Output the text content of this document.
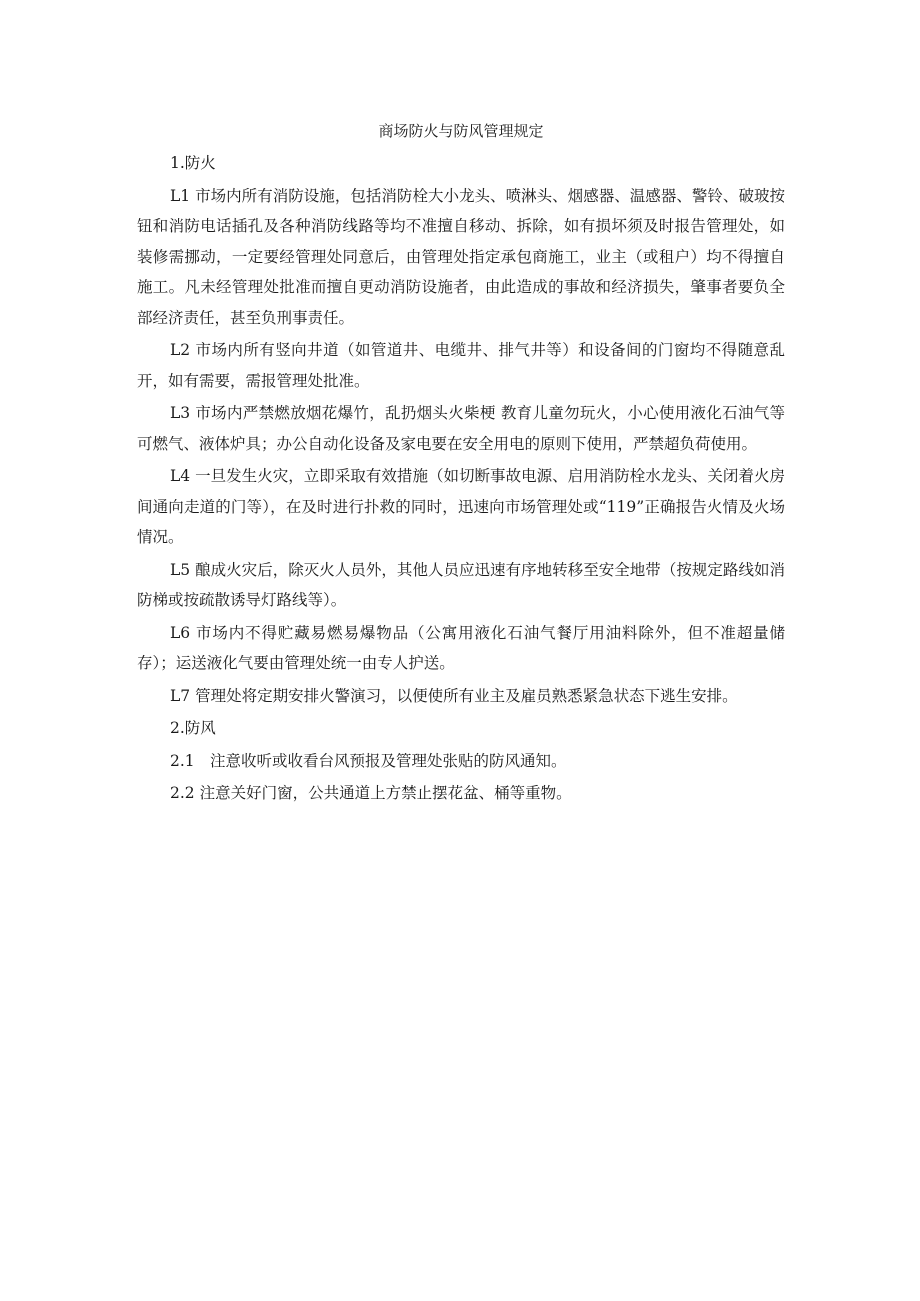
商场防火与防风管理规定

1.防火

L1 市场内所有消防设施，包括消防栓大小龙头、喷淋头、烟感器、温感器、警铃、破玻按钮和消防电话插孔及各种消防线路等均不准擅自移动、拆除，如有损坏须及时报告管理处，如装修需挪动，一定要经管理处同意后，由管理处指定承包商施工，业主（或租户）均不得擅自施工。凡未经管理处批准而擅自更动消防设施者，由此造成的事故和经济损失，肇事者要负全部经济责任，甚至负刑事责任。

L2 市场内所有竖向井道（如管道井、电缆井、排气井等）和设备间的门窗均不得随意乱开，如有需要，需报管理处批准。

L3 市场内严禁燃放烟花爆竹，乱扔烟头火柴梗 教育儿童勿玩火，小心使用液化石油气等可燃气、液体炉具；办公自动化设备及家电要在安全用电的原则下使用，严禁超负荷使用。

L4 一旦发生火灾，立即采取有效措施（如切断事故电源、启用消防栓水龙头、关闭着火房间通向走道的门等），在及时进行扑救的同时，迅速向市场管理处或“119”正确报告火情及火场情况。

L5 酿成火灾后，除灭火人员外，其他人员应迅速有序地转移至安全地带（按规定路线如消防梯或按疏散诱导灯路线等）。

L6 市场内不得贮藏易燃易爆物品（公寓用液化石油气餐厅用油料除外，但不准超量储存）；运送液化气要由管理处统一由专人护送。

L7 管理处将定期安排火警演习，以便使所有业主及雇员熟悉紧急状态下逃生安排。

2.防风

2.1 注意收听或收看台风预报及管理处张贴的防风通知。

2.2 注意关好门窗，公共通道上方禁止摆花盆、桶等重物。
